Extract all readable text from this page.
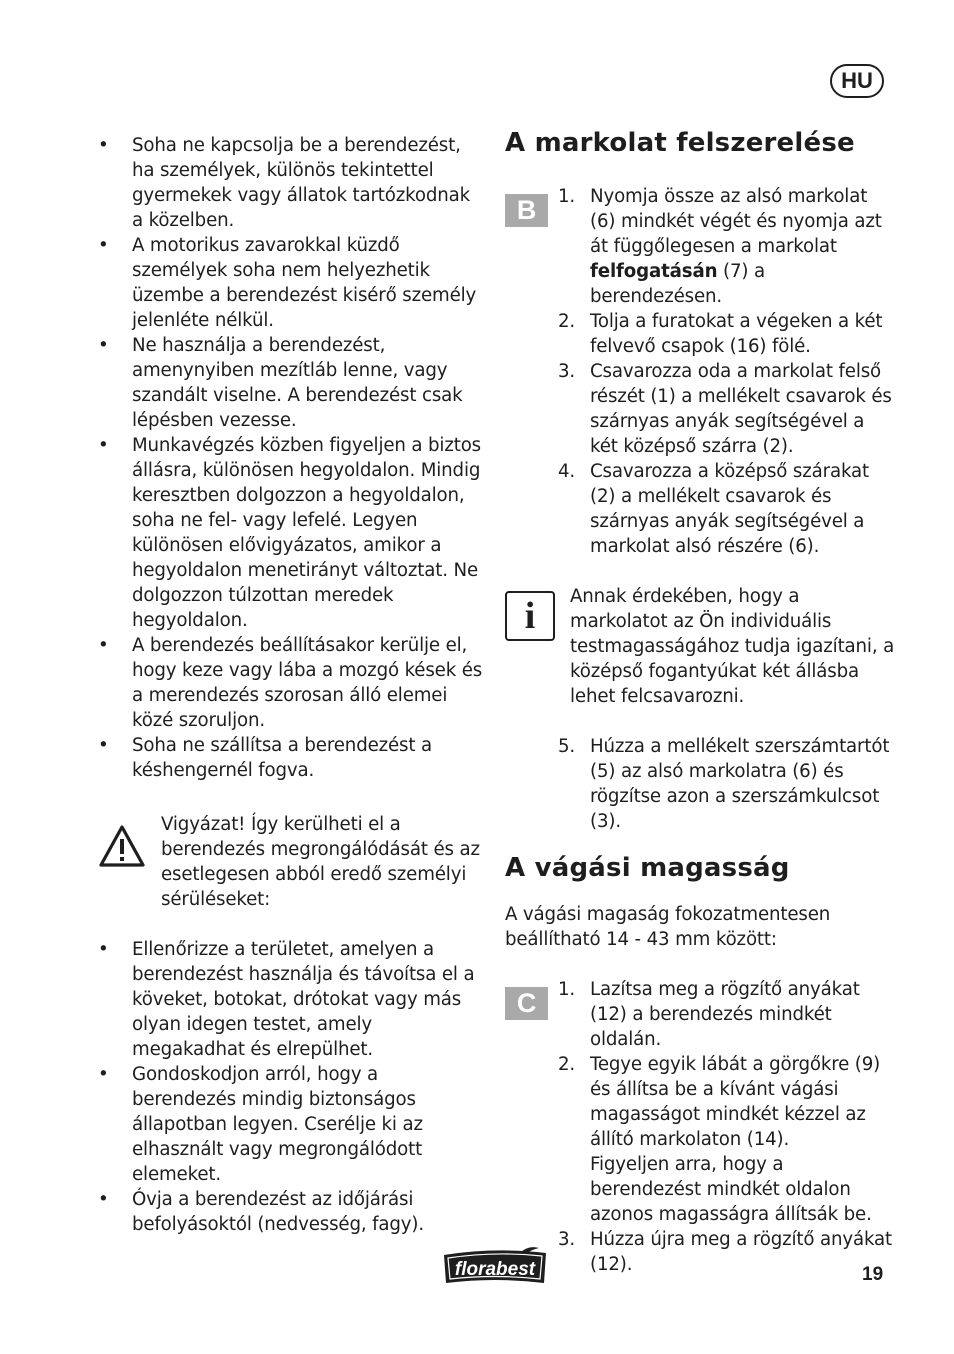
HU
• Soha ne kapcsolja be a berendezést, ha személyek, különös tekintettel gyermekek vagy állatok tartózkodnak a közelben.
• A motorikus zavarokkal küzdő személyek soha nem helyezhetik üzembe a berendezést kisérő személy jelenléte nélkül.
• Ne használja a berendezést, amenynyiben mezítláb lenne, vagy szandált viselne. A berendezést csak lépésben vezesse.
• Munkavégzés közben figyeljen a biztos állásra, különösen hegyoldalon. Mindig keresztben dolgozzon a hegyoldalon, soha ne fel- vagy lefelé. Legyen különösen elővigyázatos, amikor a hegyoldalon menetirányt változtat. Ne dolgozzon túlzottan meredek hegyoldalon.
• A berendezés beállításakor kerülje el, hogy keze vagy lába a mozgó kések és a merendezés szorosan álló elemei közé szoruljon.
• Soha ne szállítsa a berendezést a késhengernél fogva.
Vigyázat! Így kerülheti el a berendezés megrongálódását és az esetlegesen abból eredő személyi sérüléseket:
• Ellenőrizze a területet, amelyen a berendezést használja és távoítsa el a köveket, botokat, drótokat vagy más olyan idegen testet, amely megakadhat és elrepülhet.
• Gondoskodjon arról, hogy a berendezés mindig biztonságos állapotban legyen. Cserélje ki az elhasznált vagy megrongálódott elemeket.
• Óvja a berendezést az időjárási befolyásoktól (nedvesség, fagy).
A markolat felszerelése
B	1. Nyomja össze az alsó markolat (6) mindkét végét és nyomja azt át függőlegesen a markolat felfogatásán (7) a berendezésen.
2. Tolja a furatokat a végeken a két felvevő csapok (16) fölé.
3. Csavarozza oda a markolat felső részét (1) a mellékelt csavarok és szárnyas anyák segítségével a két középső szárra (2).
4. Csavarozza a középső szárakat (2) a mellékelt csavarok és szárnyas anyák segítségével a markolat alsó részére (6).
i	Annak érdekében, hogy a markolatot az Ön individuális testmagasságához tudja igazítani, a középső fogantyúkat két állásba lehet felcsavarozni.
5. Húzza a mellékelt szerszámtartót (5) az alsó markolatra (6) és rögzítse azon a szerszámkulcsot (3).
A vágási magasság
A vágási magaság fokozatmentesen beállítható 14 - 43 mm között:
C	1. Lazítsa meg a rögzítő anyákat (12) a berendezés mindkét oldalán.
2. Tegye egyik lábát a görgőkre (9) és állítsa be a kívánt vágási magasságot mindkét kézzel az állító markolaton (14).
Figyeljen arra, hogy a berendezést mindkét oldalon azonos magasságra állítsák be.
3. Húzza újra meg a rögzítő anyákat (12).
florabest	19
